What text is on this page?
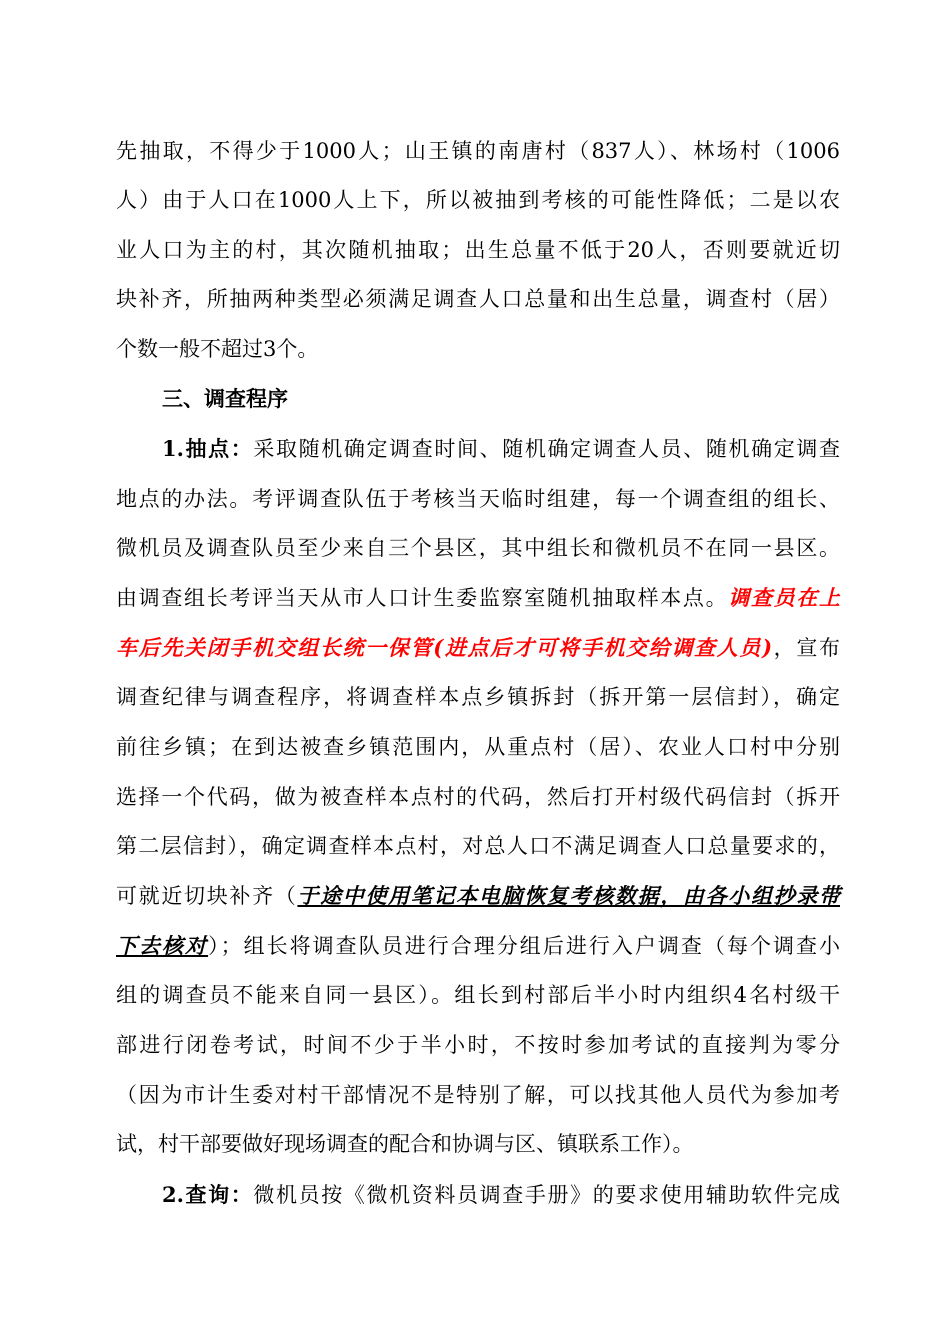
先抽取，不得少于1000人；山王镇的南唐村（837人）、林场村（1006
人）由于人口在1000人上下，所以被抽到考核的可能性降低；二是以农
业人口为主的村，其次随机抽取；出生总量不低于20人，否则要就近切
块补齐，所抽两种类型必须满足调查人口总量和出生总量，调查村（居）
个数一般不超过3个。
三、调查程序
1.抽点：采取随机确定调查时间、随机确定调查人员、随机确定调查
地点的办法。考评调查队伍于考核当天临时组建，每一个调查组的组长、
微机员及调查队员至少来自三个县区，其中组长和微机员不在同一县区。
由调查组长考评当天从市人口计生委监察室随机抽取样本点。调查员在上
车后先关闭手机交组长统一保管(进点后才可将手机交给调查人员)，宣布
调查纪律与调查程序，将调查样本点乡镇拆封（拆开第一层信封），确定
前往乡镇；在到达被查乡镇范围内，从重点村（居）、农业人口村中分别
选择一个代码，做为被查样本点村的代码，然后打开村级代码信封（拆开
第二层信封），确定调查样本点村，对总人口不满足调查人口总量要求的，
可就近切块补齐（于途中使用笔记本电脑恢复考核数据，由各小组抄录带
下去核对）；组长将调查队员进行合理分组后进行入户调查（每个调查小
组的调查员不能来自同一县区）。组长到村部后半小时内组织4名村级干
部进行闭卷考试，时间不少于半小时，不按时参加考试的直接判为零分
（因为市计生委对村干部情况不是特别了解，可以找其他人员代为参加考
试，村干部要做好现场调查的配合和协调与区、镇联系工作）。
2.查询：微机员按《微机资料员调查手册》的要求使用辅助软件完成
